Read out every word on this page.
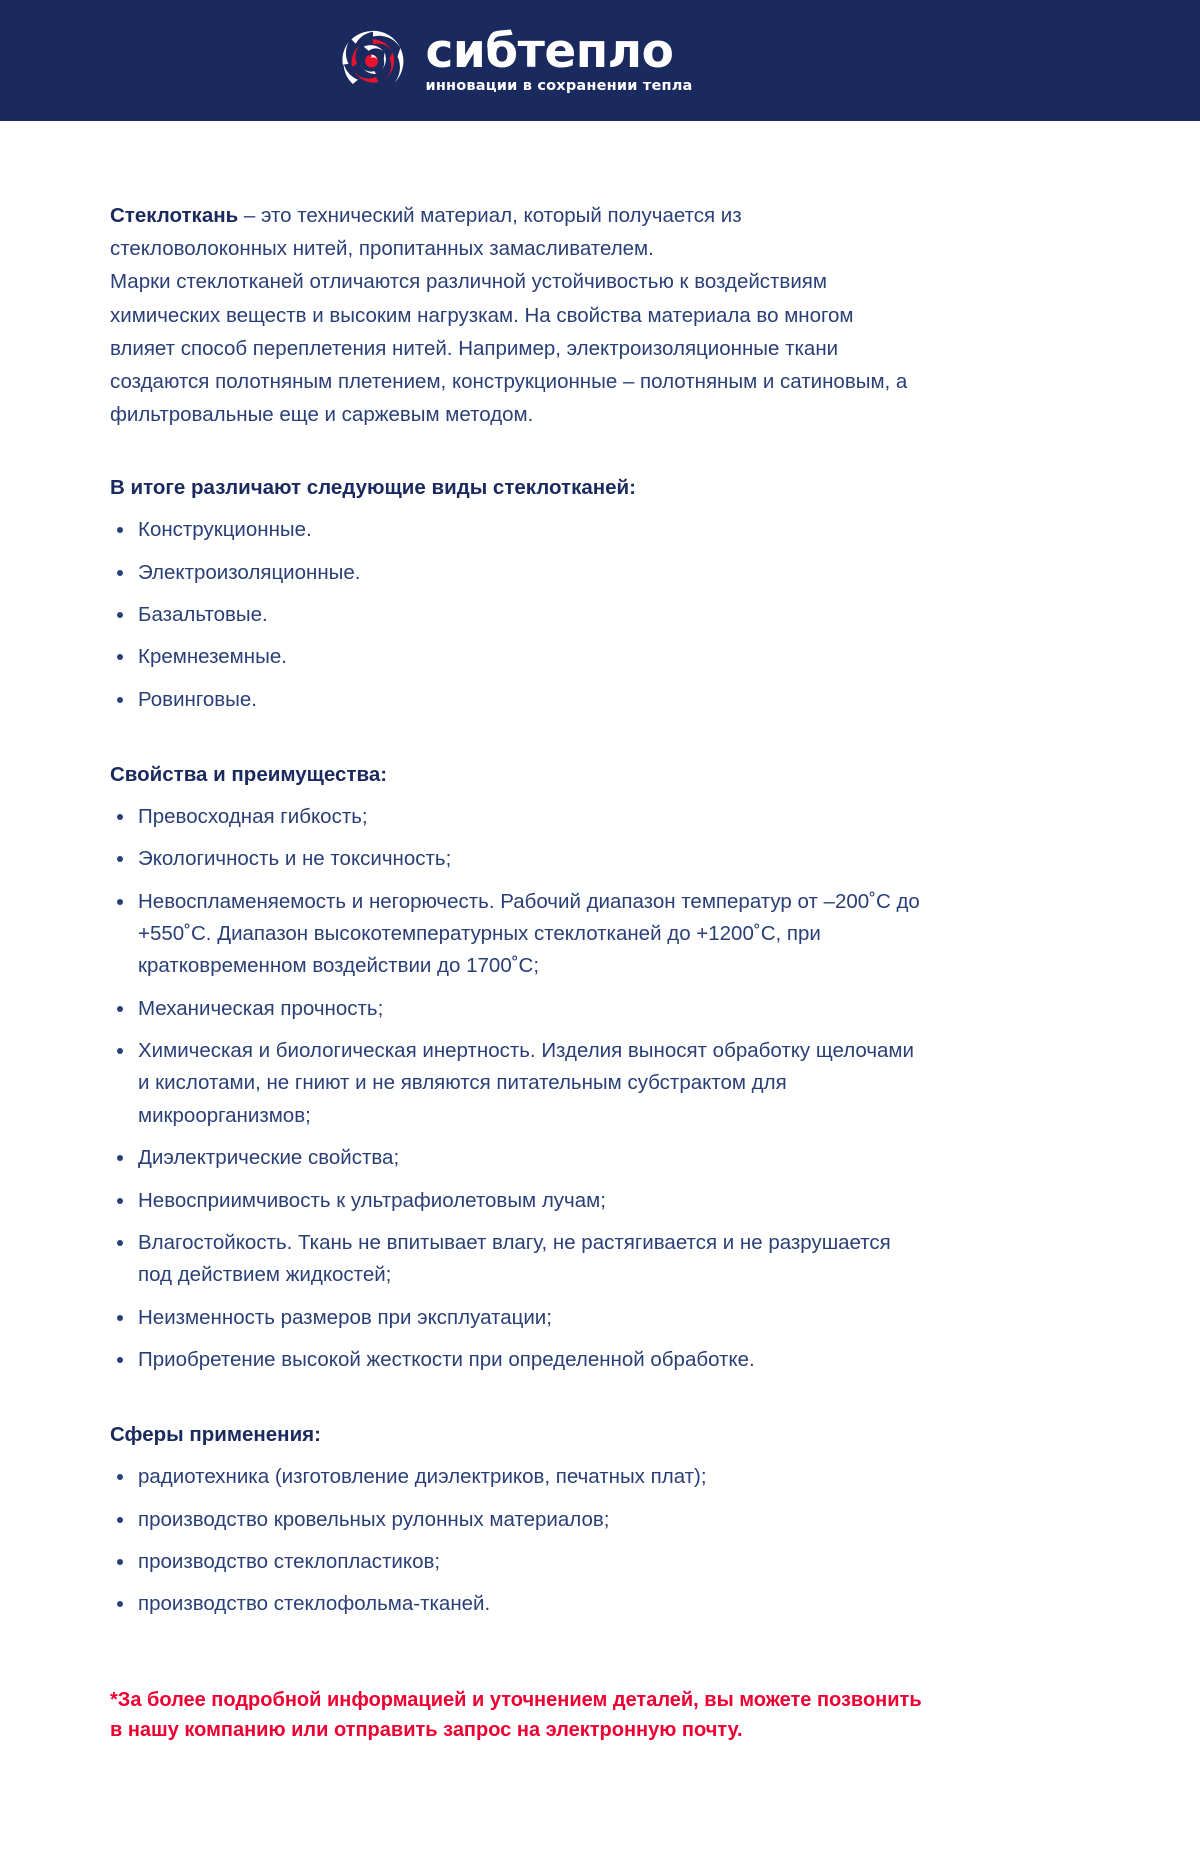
сибтепло
инновации в сохранении тепла

Стеклоткань – это технический материал, который получается из стекловолоконных нитей, пропитанных замасливателем.

Марки стеклотканей отличаются различной устойчивостью к воздействиям химических веществ и высоким нагрузкам. На свойства материала во многом влияет способ переплетения нитей. Например, электроизоляционные ткани создаются полотняным плетением, конструкционные – полотняным и сатиновым, а фильтровальные еще и саржевым методом.

В итоге различают следующие виды стеклотканей:
Конструкционные.
Электроизоляционные.
Базальтовые.
Кремнеземные.
Ровинговые.
Свойства и преимущества:
Превосходная гибкость;
Экологичность и не токсичность;
Невоспламеняемость и негорючесть. Рабочий диапазон температур от –200˚С до +550˚С. Диапазон высокотемпературных стеклотканей до +1200˚С, при кратковременном воздействии до 1700˚С;
Механическая прочность;
Химическая и биологическая инертность. Изделия выносят обработку щелочами и кислотами, не гниют и не являются питательным субстрактом для микроорганизмов;
Диэлектрические свойства;
Невосприимчивость к ультрафиолетовым лучам;
Влагостойкость. Ткань не впитывает влагу, не растягивается и не разрушается под действием жидкостей;
Неизменность размеров при эксплуатации;
Приобретение высокой жесткости при определенной обработке.
Сферы применения:
радиотехника (изготовление диэлектриков, печатных плат);
производство кровельных рулонных материалов;
производство стеклопластиков;
производство стеклофольма-тканей.

*За более подробной информацией и уточнением деталей, вы можете позвонить в нашу компанию или отправить запрос на электронную почту.
